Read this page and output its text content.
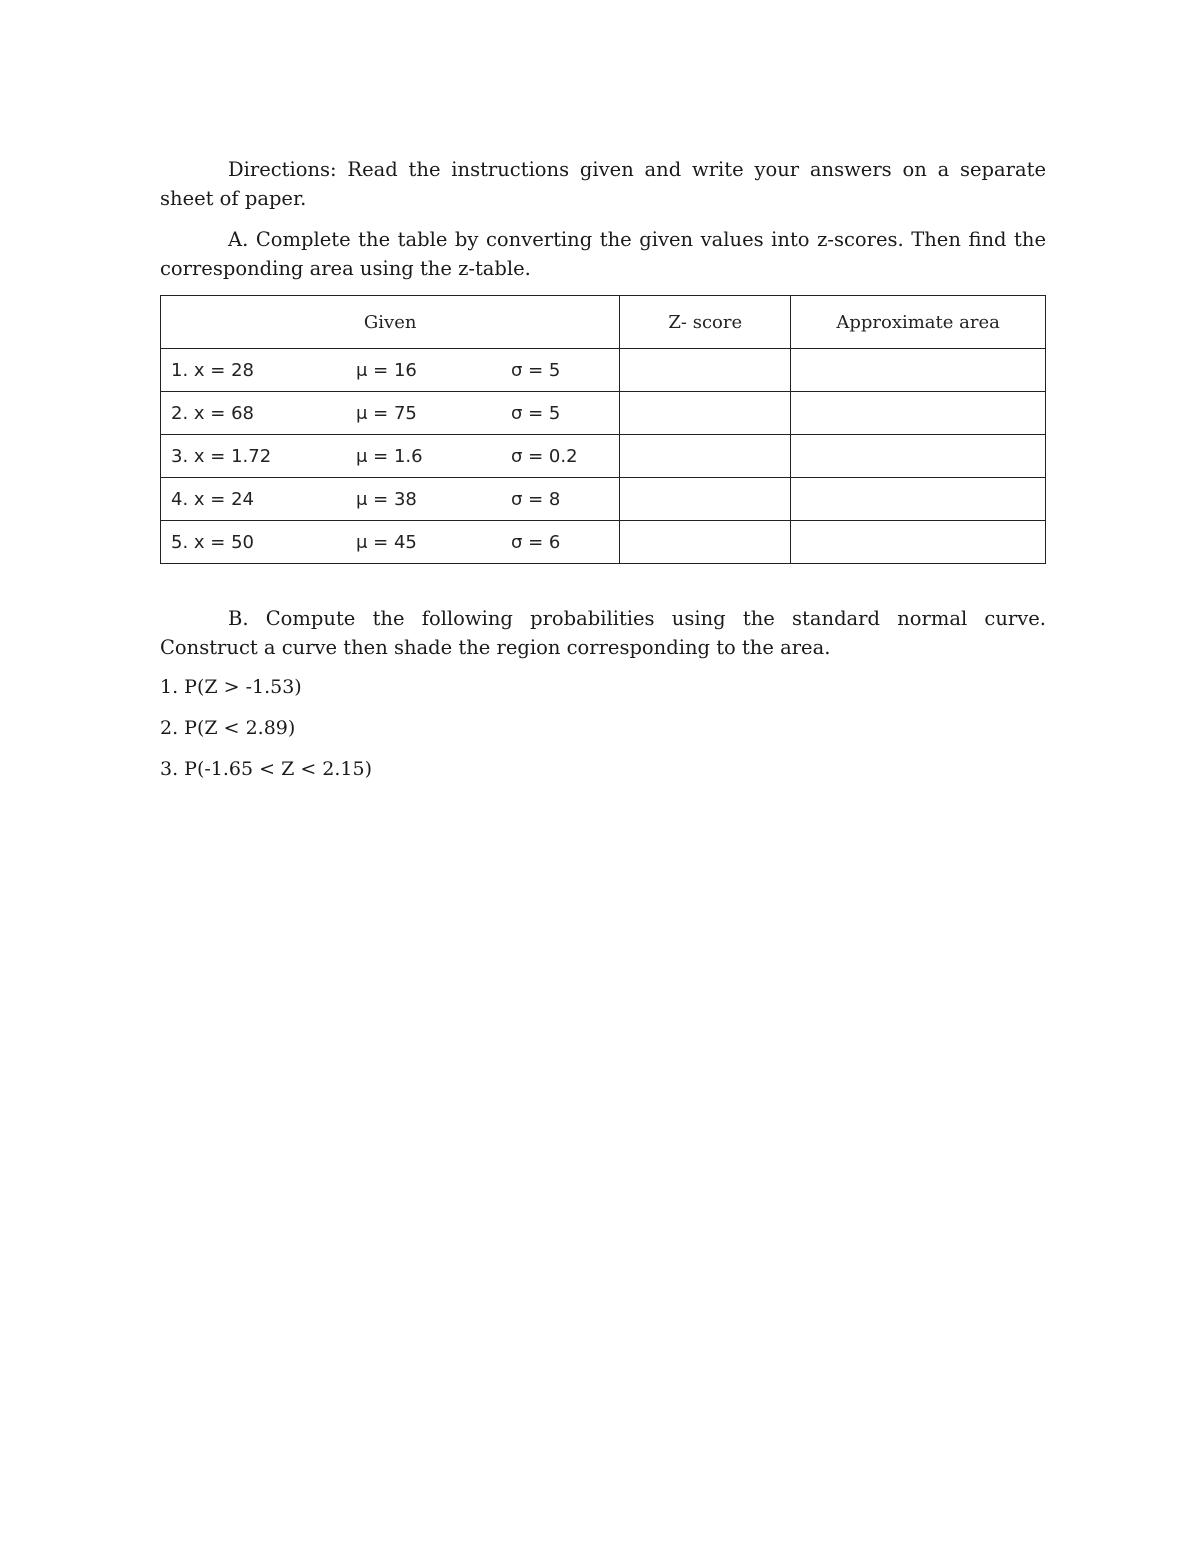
Directions: Read the instructions given and write your answers on a separate sheet of paper.

A. Complete the table by converting the given values into z-scores. Then find the corresponding area using the z-table.

Given	Z- score	Approximate area

1. x = 28 μ = 16 σ = 5		

2. x = 68 μ = 75 σ = 5		

3. x = 1.72 μ = 1.6 σ = 0.2		

4. x = 24 μ = 38 σ = 8		

5. x = 50 μ = 45 σ = 6		

B. Compute the following probabilities using the standard normal curve. Construct a curve then shade the region corresponding to the area.

1. P(Z > -1.53)
2. P(Z < 2.89)
3. P(-1.65 < Z < 2.15)
